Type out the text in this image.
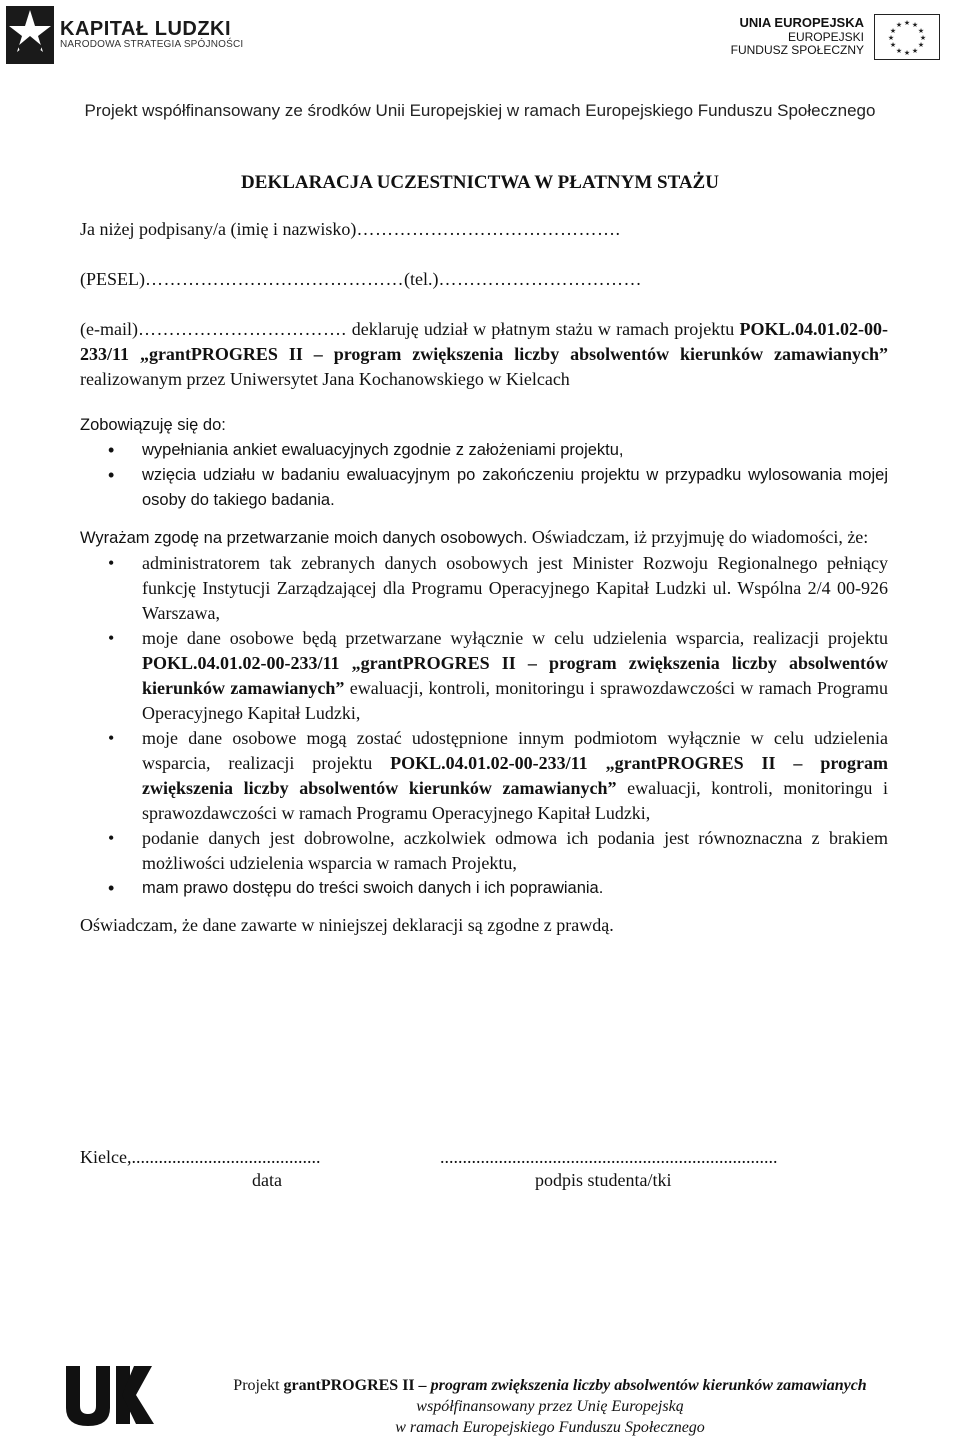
KAPITAŁ LUDZKI
NARODOWA STRATEGIA SPÓJNOŚCI
UNIA EUROPEJSKA
EUROPEJSKI
FUNDUSZ SPOŁECZNY
★ ★
★
★
★
★
★
★
★
★
★
★
Projekt współfinansowany ze środków Unii Europejskiej w ramach Europejskiego Funduszu Społecznego
DEKLARACJA UCZESTNICTWA W PŁATNYM STAŻU
Ja niżej podpisany/a (imię i nazwisko)…………………………………….
(PESEL)……………………………………(tel.)……………………………
(e-mail)……………………………. deklaruję udział w płatnym stażu w ramach projektu POKL.04.01.02-00-233/11 „grantPROGRES II – program zwiększenia liczby absolwentów kierunków zamawianych” realizowanym przez Uniwersytet Jana Kochanowskiego w Kielcach
Zobowiązuję się do:
• wypełniania ankiet ewaluacyjnych zgodnie z założeniami projektu,
• wzięcia udziału w badaniu ewaluacyjnym po zakończeniu projektu w przypadku wylosowania mojej osoby do takiego badania.
Wyrażam zgodę na przetwarzanie moich danych osobowych. Oświadczam, iż przyjmuję do wiadomości, że:
• administratorem tak zebranych danych osobowych jest Minister Rozwoju Regionalnego pełniący funkcję Instytucji Zarządzającej dla Programu Operacyjnego Kapitał Ludzki ul. Wspólna 2/4 00-926 Warszawa,
• moje dane osobowe będą przetwarzane wyłącznie w celu udzielenia wsparcia, realizacji projektu POKL.04.01.02-00-233/11 „grantPROGRES II – program zwiększenia liczby absolwentów kierunków zamawianych” ewaluacji, kontroli, monitoringu i sprawozdawczości w ramach Programu Operacyjnego Kapitał Ludzki,
• moje dane osobowe mogą zostać udostępnione innym podmiotom wyłącznie w celu udzielenia wsparcia, realizacji projektu POKL.04.01.02-00-233/11 „grantPROGRES II – program zwiększenia liczby absolwentów kierunków zamawianych” ewaluacji, kontroli, monitoringu i sprawozdawczości w ramach Programu Operacyjnego Kapitał Ludzki,
• podanie danych jest dobrowolne, aczkolwiek odmowa ich podania jest równoznaczna z brakiem możliwości udzielenia wsparcia w ramach Projektu,
• mam prawo dostępu do treści swoich danych i ich poprawiania.
Oświadczam, że dane zawarte w niniejszej deklaracji są zgodne z prawdą.
Kielce,..........................................	...........................................................................
data	podpis studenta/tki
Projekt grantPROGRES II – program zwiększenia liczby absolwentów kierunków zamawianych
współfinansowany przez Unię Europejską
w ramach Europejskiego Funduszu Społecznego
